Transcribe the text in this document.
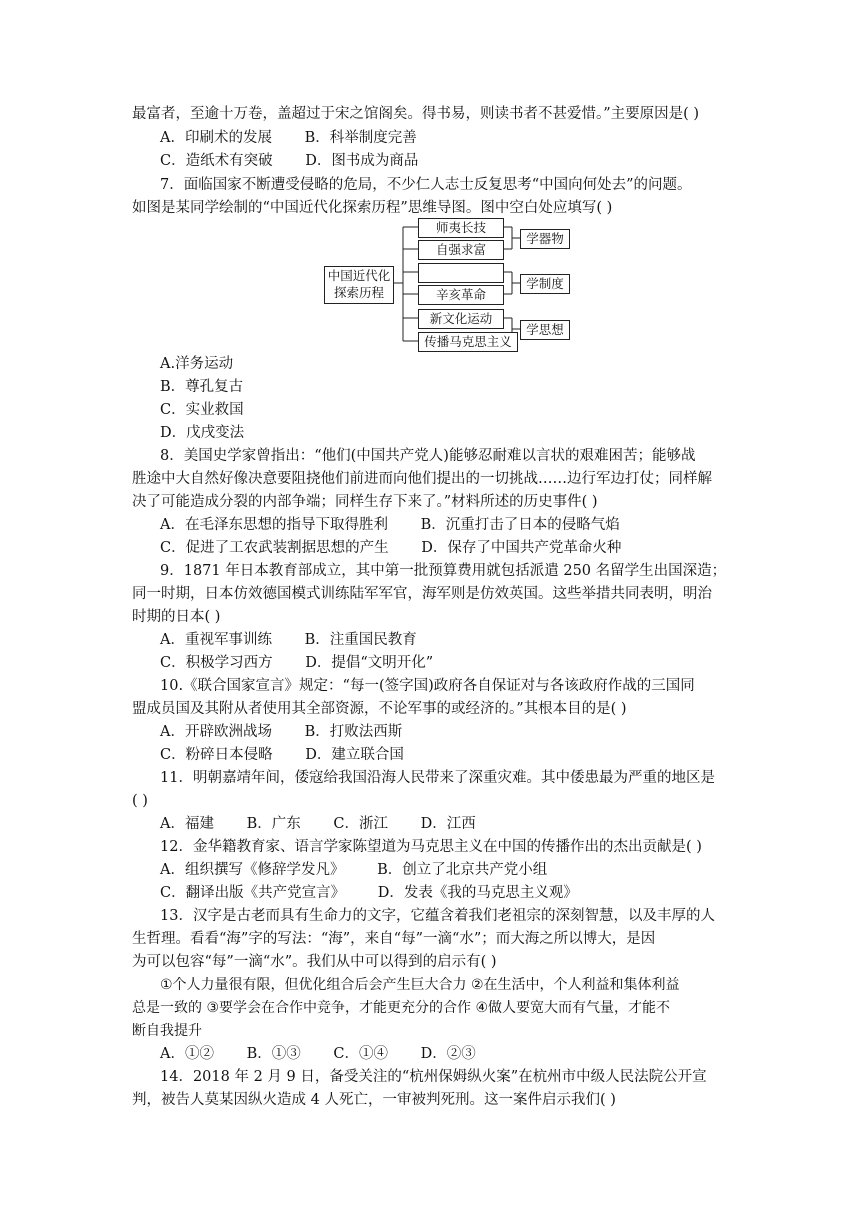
最富者，至逾十万卷，盖超过于宋之馆阁矣。得书易，则读书者不甚爱惜。”主要原因是( )
A．印刷术的发展 B．科举制度完善
C．造纸术有突破 D．图书成为商品
7．面临国家不断遭受侵略的危局，不少仁人志士反复思考“中国向何处去”的问题。
如图是某同学绘制的“中国近代化探索历程”思维导图。图中空白处应填写( )
中国近代化
探索历程
师夷长技
自强求富
辛亥革命
新文化运动
传播马克思主义
学器物
学制度
学思想
A.洋务运动
B．尊孔复古
C．实业救国
D．戊戌变法
8．美国史学家曾指出：“他们(中国共产党人)能够忍耐难以言状的艰难困苦；能够战
胜途中大自然好像决意要阻挠他们前进而向他们提出的一切挑战……边行军边打仗；同样解
决了可能造成分裂的内部争端；同样生存下来了。”材料所述的历史事件( )
A．在毛泽东思想的指导下取得胜利 B．沉重打击了日本的侵略气焰
C．促进了工农武装割据思想的产生 D．保存了中国共产党革命火种
9．1871 年日本教育部成立，其中第一批预算费用就包括派遣 250 名留学生出国深造；
同一时期，日本仿效德国模式训练陆军军官，海军则是仿效英国。这些举措共同表明，明治
时期的日本( )
A．重视军事训练 B．注重国民教育
C．积极学习西方 D．提倡“文明开化”
10.《联合国家宣言》规定：“每一(签字国)政府各自保证对与各该政府作战的三国同
盟成员国及其附从者使用其全部资源，不论军事的或经济的。”其根本目的是( )
A．开辟欧洲战场 B．打败法西斯
C．粉碎日本侵略 D．建立联合国
11．明朝嘉靖年间，倭寇给我国沿海人民带来了深重灾难。其中倭患最为严重的地区是
( )
A．福建 B．广东 C．浙江 D．江西
12．金华籍教育家、语言学家陈望道为马克思主义在中国的传播作出的杰出贡献是( )
A．组织撰写《修辞学发凡》 B．创立了北京共产党小组
C．翻译出版《共产党宣言》 D．发表《我的马克思主义观》
13．汉字是古老而具有生命力的文字，它蕴含着我们老祖宗的深刻智慧，以及丰厚的人
生哲理。看看“海”字的写法：“海”，来自“每”一滴“水”；而大海之所以博大，是因
为可以包容“每”一滴“水”。我们从中可以得到的启示有( )
①个人力量很有限，但优化组合后会产生巨大合力 ②在生活中，个人利益和集体利益
总是一致的 ③要学会在合作中竞争，才能更充分的合作 ④做人要宽大而有气量，才能不
断自我提升
A．①② B．①③ C．①④ D．②③
14．2018 年 2 月 9 日，备受关注的“杭州保姆纵火案”在杭州市中级人民法院公开宣
判，被告人莫某因纵火造成 4 人死亡，一审被判死刑。这一案件启示我们( )
